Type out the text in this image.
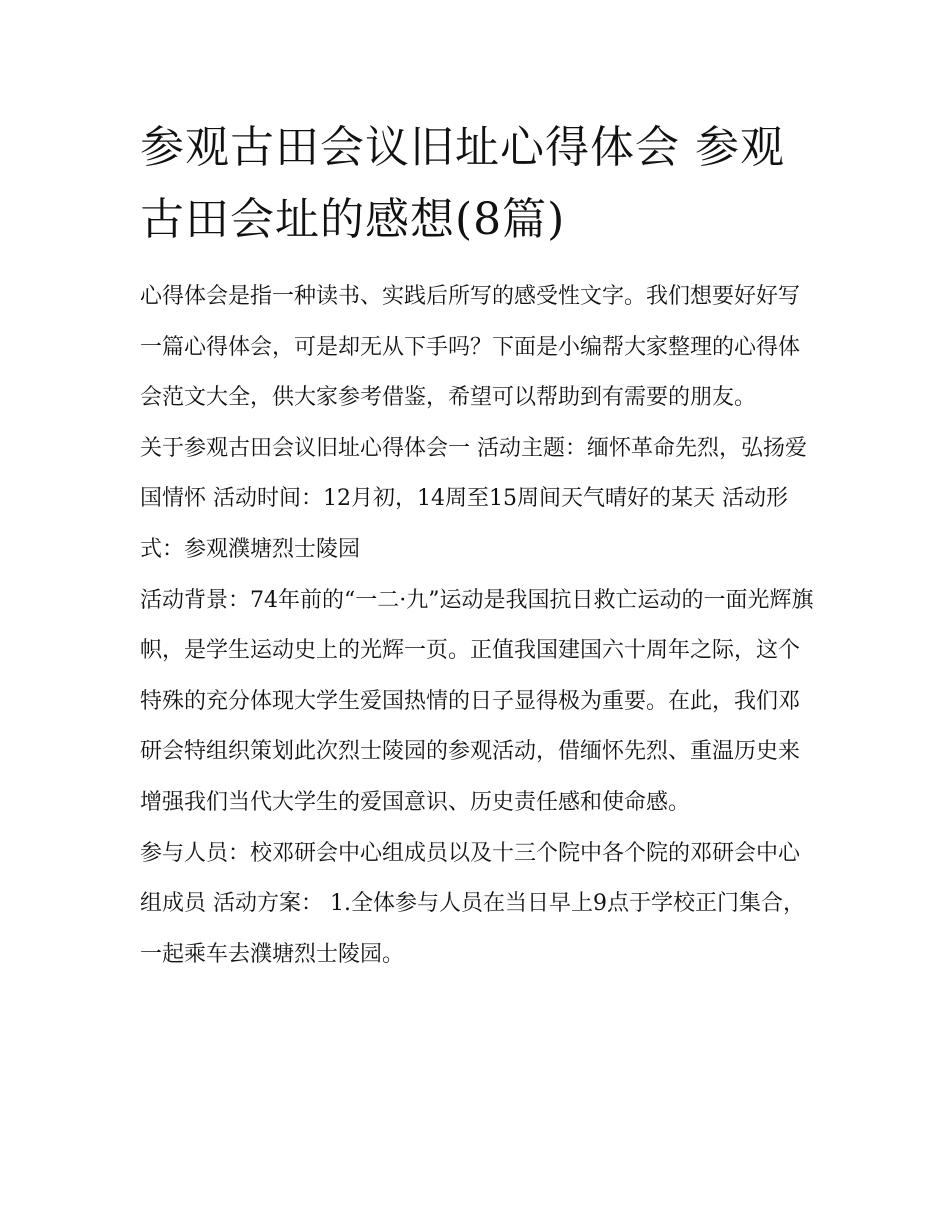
参观古田会议旧址心得体会 参观古田会址的感想(8篇)

心得体会是指一种读书、实践后所写的感受性文字。我们想要好好写一篇心得体会，可是却无从下手吗？下面是小编帮大家整理的心得体会范文大全，供大家参考借鉴，希望可以帮助到有需要的朋友。

关于参观古田会议旧址心得体会一 活动主题：缅怀革命先烈，弘扬爱国情怀 活动时间：12月初，14周至15周间天气晴好的某天 活动形式：参观濮塘烈士陵园

活动背景：74年前的“一二·九”运动是我国抗日救亡运动的一面光辉旗帜，是学生运动史上的光辉一页。正值我国建国六十周年之际，这个特殊的充分体现大学生爱国热情的日子显得极为重要。在此，我们邓研会特组织策划此次烈士陵园的参观活动，借缅怀先烈、重温历史来增强我们当代大学生的爱国意识、历史责任感和使命感。

参与人员：校邓研会中心组成员以及十三个院中各个院的邓研会中心组成员 活动方案： 1.全体参与人员在当日早上9点于学校正门集合，一起乘车去濮塘烈士陵园。
